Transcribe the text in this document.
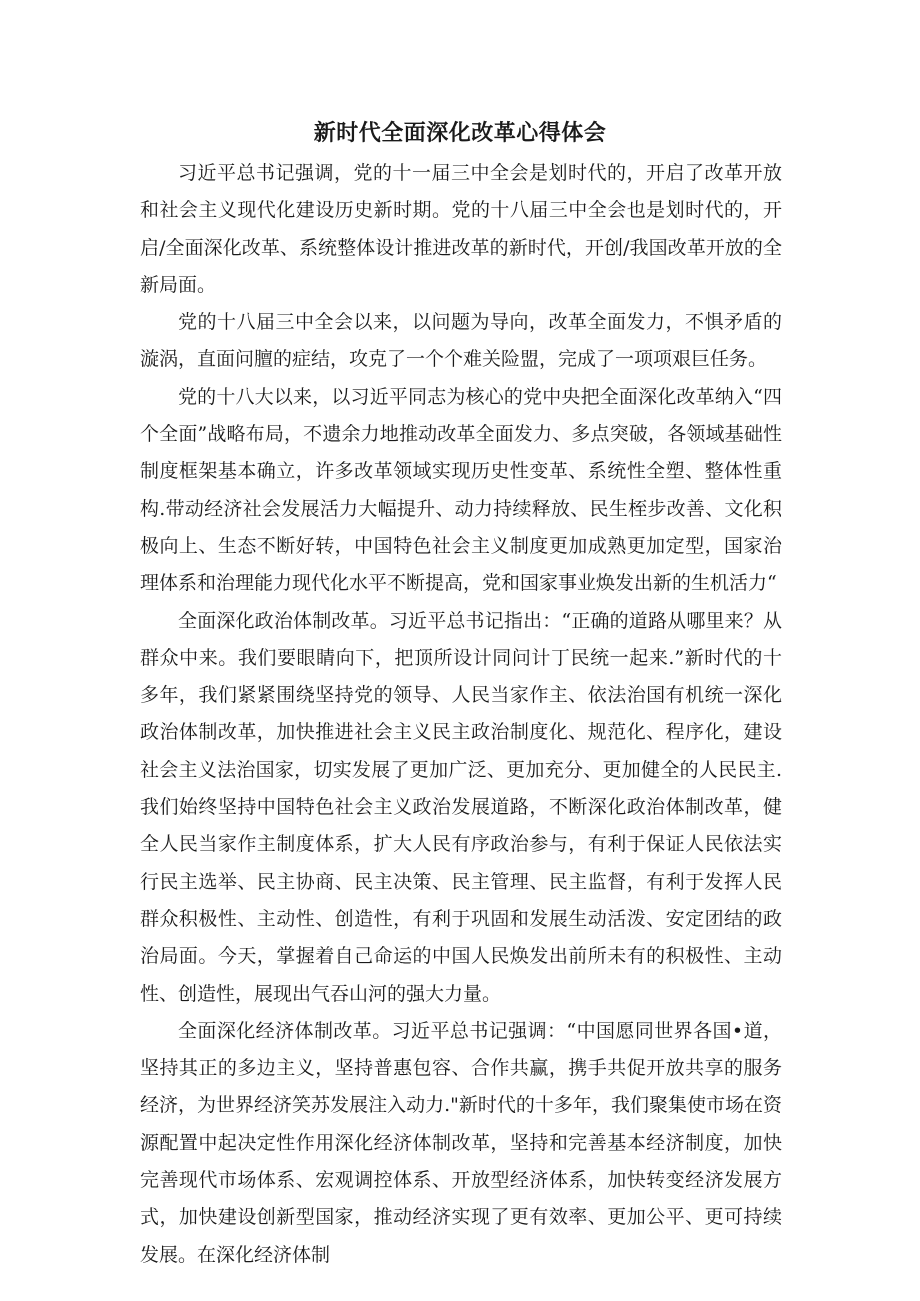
新时代全面深化改革心得体会

习近平总书记强调，党的十一届三中全会是划时代的，开启了改革开放和社会主义现代化建设历史新时期。党的十八届三中全会也是划时代的，开启/全面深化改革、系统整体设计推进改革的新时代，开创/我国改革开放的全新局面。

党的十八届三中全会以来，以问题为导向，改革全面发力，不惧矛盾的漩涡，直面问膻的症结，攻克了一个个难关险盟，完成了一项项艰巨任务。

党的十八大以来，以习近平同志为核心的党中央把全面深化改革纳入“四个全面”战略布局，不遗余力地推动改革全面发力、多点突破，各领域基础性制度框架基本确立，许多改革领域实现历史性变革、系统性全塑、整体性重构.带动经济社会发展活力大幅提升、动力持续释放、民生桎步改善、文化积极向上、生态不断好转，中国特色社会主义制度更加成熟更加定型，国家治理体系和治理能力现代化水平不断提高，党和国家事业焕发出新的生机活力“

全面深化政治体制改革。习近平总书记指出：“正确的道路从哪里来？从群众中来。我们要眼睛向下，把顶所设计同问计丁民统一起来.”新时代的十多年，我们紧紧围绕坚持党的领导、人民当家作主、依法治国有机统一深化政治体制改革，加快推进社会主义民主政治制度化、规范化、程序化，建设社会主义法治国家，切实发展了更加广泛、更加充分、更加健全的人民民主.我们始终坚持中国特色社会主义政治发展道路，不断深化政治体制改革，健全人民当家作主制度体系，扩大人民有序政治参与，有利于保证人民依法实行民主选举、民主协商、民主决策、民主管理、民主监督，有利于发挥人民群众积极性、主动性、创造性，有利于巩固和发展生动活泼、安定团结的政治局面。今天，掌握着自己命运的中国人民焕发出前所未有的积极性、主动性、创造性，展现出气吞山河的强大力量。

全面深化经济体制改革。习近平总书记强调：“中国愿同世界各国•道，坚持其正的多边主义，坚持普惠包容、合作共赢，携手共促开放共享的服务经济，为世界经济笑苏发展注入动力."新时代的十多年，我们聚集使市场在资源配置中起决定性作用深化经济体制改革，坚持和完善基本经济制度，加快完善现代市场体系、宏观调控体系、开放型经济体系，加快转变经济发展方式，加快建设创新型国家，推动经济实现了更有效率、更加公平、更可持续发展。在深化经济体制
